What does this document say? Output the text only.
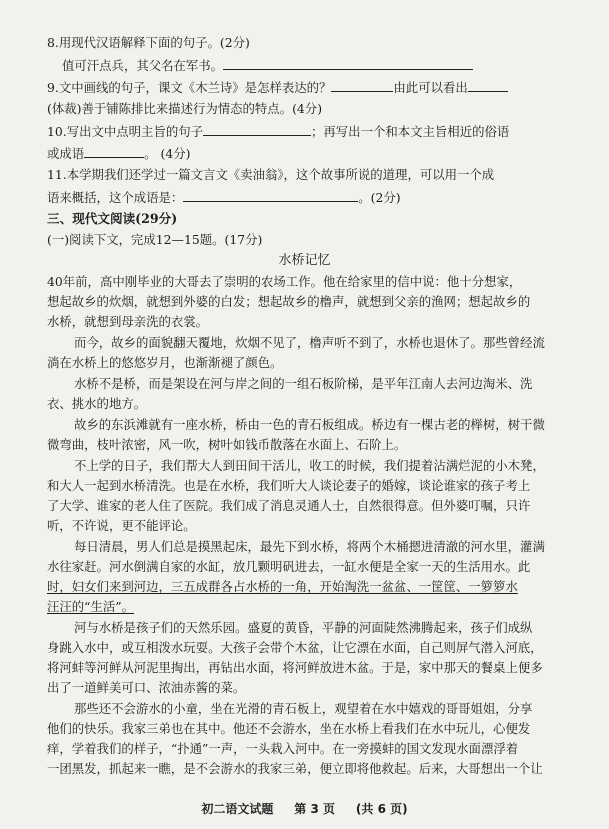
8.用现代汉语解释下面的句子。(2分)
值可汗点兵，其父名在军书。
9.文中画线的句子，课文《木兰诗》是怎样表达的？	由此可以看出
(体裁)善于铺陈排比来描述行为情态的特点。(4分)
10.写出文中点明主旨的句子	；再写出一个和本文主旨相近的俗语
或成语	。 (4分)
11.本学期我们还学过一篇文言文《卖油翁》，这个故事所说的道理，可以用一个成
语来概括，这个成语是：	。(2分)
三、现代文阅读(29分)
(一)阅读下文，完成12—15题。(17分)
水桥记忆
40年前，高中刚毕业的大哥去了崇明的农场工作。他在给家里的信中说：他十分想家，
想起故乡的炊烟，就想到外婆的白发；想起故乡的橹声，就想到父亲的渔网；想起故乡的
水桥，就想到母亲洗的衣裳。
而今，故乡的面貌翻天覆地，炊烟不见了，橹声听不到了，水桥也退休了。那些曾经流
淌在水桥上的悠悠岁月，也渐渐褪了颜色。
水桥不是桥，而是架设在河与岸之间的一组石板阶梯，是平年江南人去河边淘米、洗
衣、挑水的地方。
故乡的东浜滩就有一座水桥，桥由一色的青石板组成。桥边有一棵古老的榉树，树干微
微弯曲，枝叶浓密，风一吹，树叶如钱币散落在水面上、石阶上。
不上学的日子，我们帮大人到田间干活儿，收工的时候，我们提着沾满烂泥的小木凳，
和大人一起到水桥清洗。也是在水桥，我们听大人谈论妻子的婚嫁，谈论谁家的孩子考上
了大学、谁家的老人住了医院。我们成了消息灵通人士，自然很得意。但外婆叮嘱，只许
听，不许说，更不能评论。
每日清晨，男人们总是摸黑起床，最先下到水桥，将两个木桶摁进清澈的河水里，灌满
水往家赶。河水倒满自家的水缸，放几颗明矾进去，一缸水便是全家一天的生活用水。此
时，妇女们来到河边，三五成群各占水桥的一角，开始淘洗一盆盆、一筐筐、一箩箩水
汪汪的“生活”。
河与水桥是孩子们的天然乐园。盛夏的黄昏，平静的河面陡然沸腾起来，孩子们成纵
身跳入水中，或互相泼水玩耍。大孩子会带个木盆，让它漂在水面，自己则屏气潜入河底，
将河蚌等河鲜从河泥里掏出，再钻出水面，将河鲜放进木盆。于是，家中那天的餐桌上便多
出了一道鲜美可口、浓油赤酱的菜。
那些还不会游水的小童，坐在光滑的青石板上，观望着在水中嬉戏的哥哥姐姐，分享
他们的快乐。我家三弟也在其中。他还不会游水，坐在水桥上看我们在水中玩儿，心便发
痒，学着我们的样子，“扑通”一声，一头栽入河中。在一旁摸蚌的国文发现水面漂浮着
一团黑发，抓起来一瞧，是不会游水的我家三弟，便立即将他救起。后来，大哥想出一个让
初二语文试题 第 3 页 (共 6 页)
